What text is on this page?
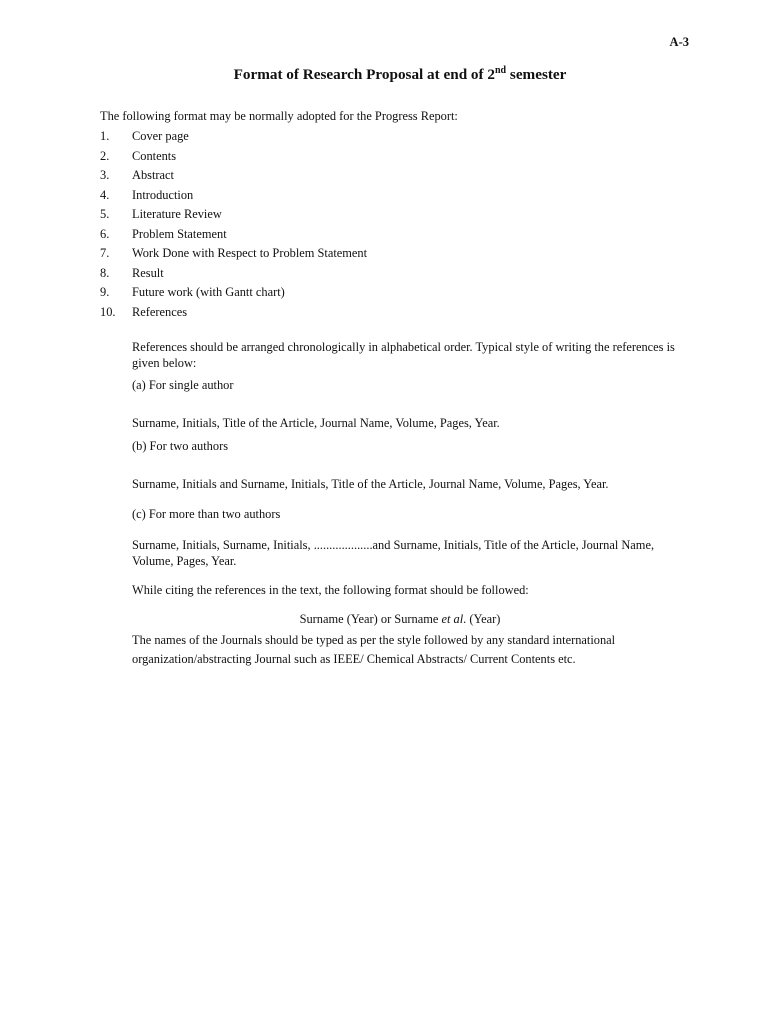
A-3
Format of Research Proposal at end of 2nd semester
The following format may be normally adopted for the Progress Report:
1.	Cover page
2.	Contents
3.	Abstract
4.	Introduction
5.	Literature Review
6.	Problem Statement
7.	Work Done with Respect to Problem Statement
8.	Result
9.	Future work (with Gantt chart)
10.	References
References should be arranged chronologically in alphabetical order. Typical style of writing the references is given below:
(a) For single author
Surname, Initials, Title of the Article, Journal Name, Volume, Pages, Year.
(b) For two authors
Surname, Initials and Surname, Initials, Title of the Article, Journal Name, Volume, Pages, Year.
(c) For more than two authors
Surname, Initials, Surname, Initials, ...................and Surname, Initials, Title of the Article, Journal Name, Volume, Pages, Year.
While citing the references in the text, the following format should be followed:
Surname (Year) or Surname et al. (Year)
The names of the Journals should be typed as per the style followed by any standard international
organization/abstracting Journal such as IEEE/ Chemical Abstracts/ Current Contents etc.
